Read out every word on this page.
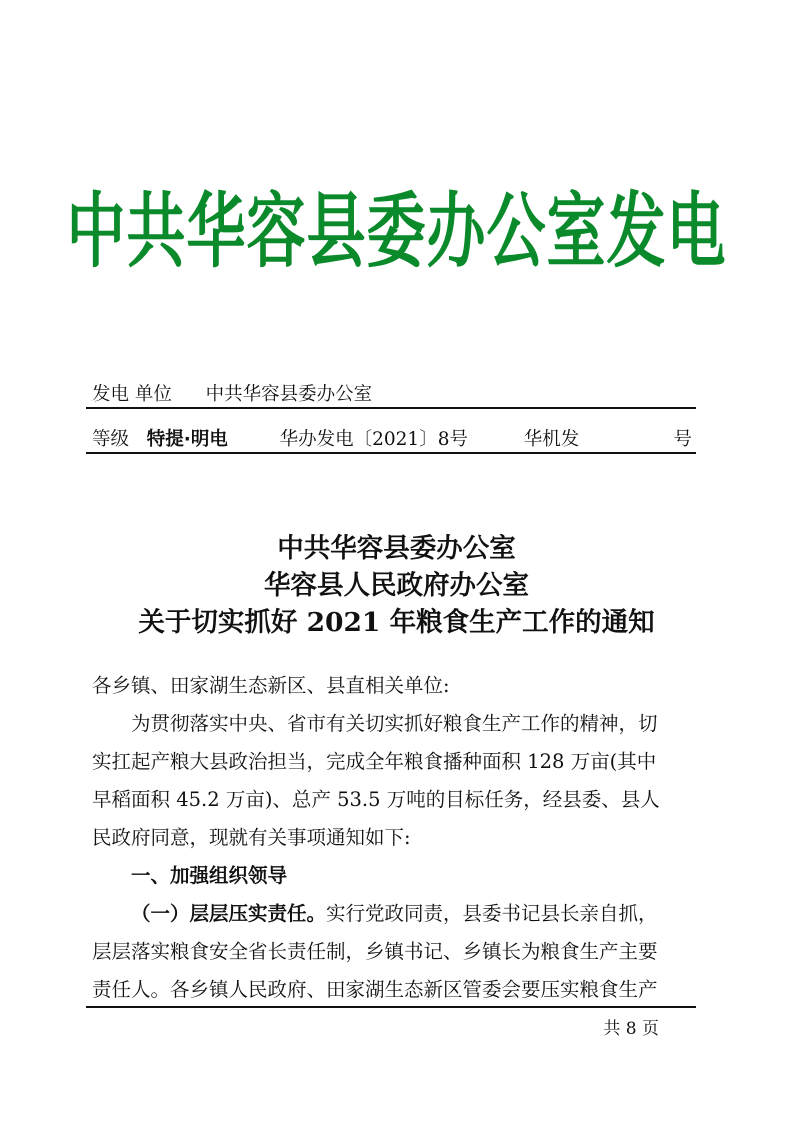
中共华容县委办公室发电
发电 单位 中共华容县委办公室
等级 特提·明电	华办发电〔2021〕8号	华机发	号
中共华容县委办公室
华容县人民政府办公室
关于切实抓好 2021 年粮食生产工作的通知
各乡镇、田家湖生态新区、县直相关单位:
为贯彻落实中央、省市有关切实抓好粮食生产工作的精神，切
实扛起产粮大县政治担当，完成全年粮食播种面积 128 万亩(其中
早稻面积 45.2 万亩)、总产 53.5 万吨的目标任务，经县委、县人
民政府同意，现就有关事项通知如下:
一、加强组织领导
（一）层层压实责任。实行党政同责，县委书记县长亲自抓，
层层落实粮食安全省长责任制，乡镇书记、乡镇长为粮食生产主要
责任人。各乡镇人民政府、田家湖生态新区管委会要压实粮食生产
共 8 页
